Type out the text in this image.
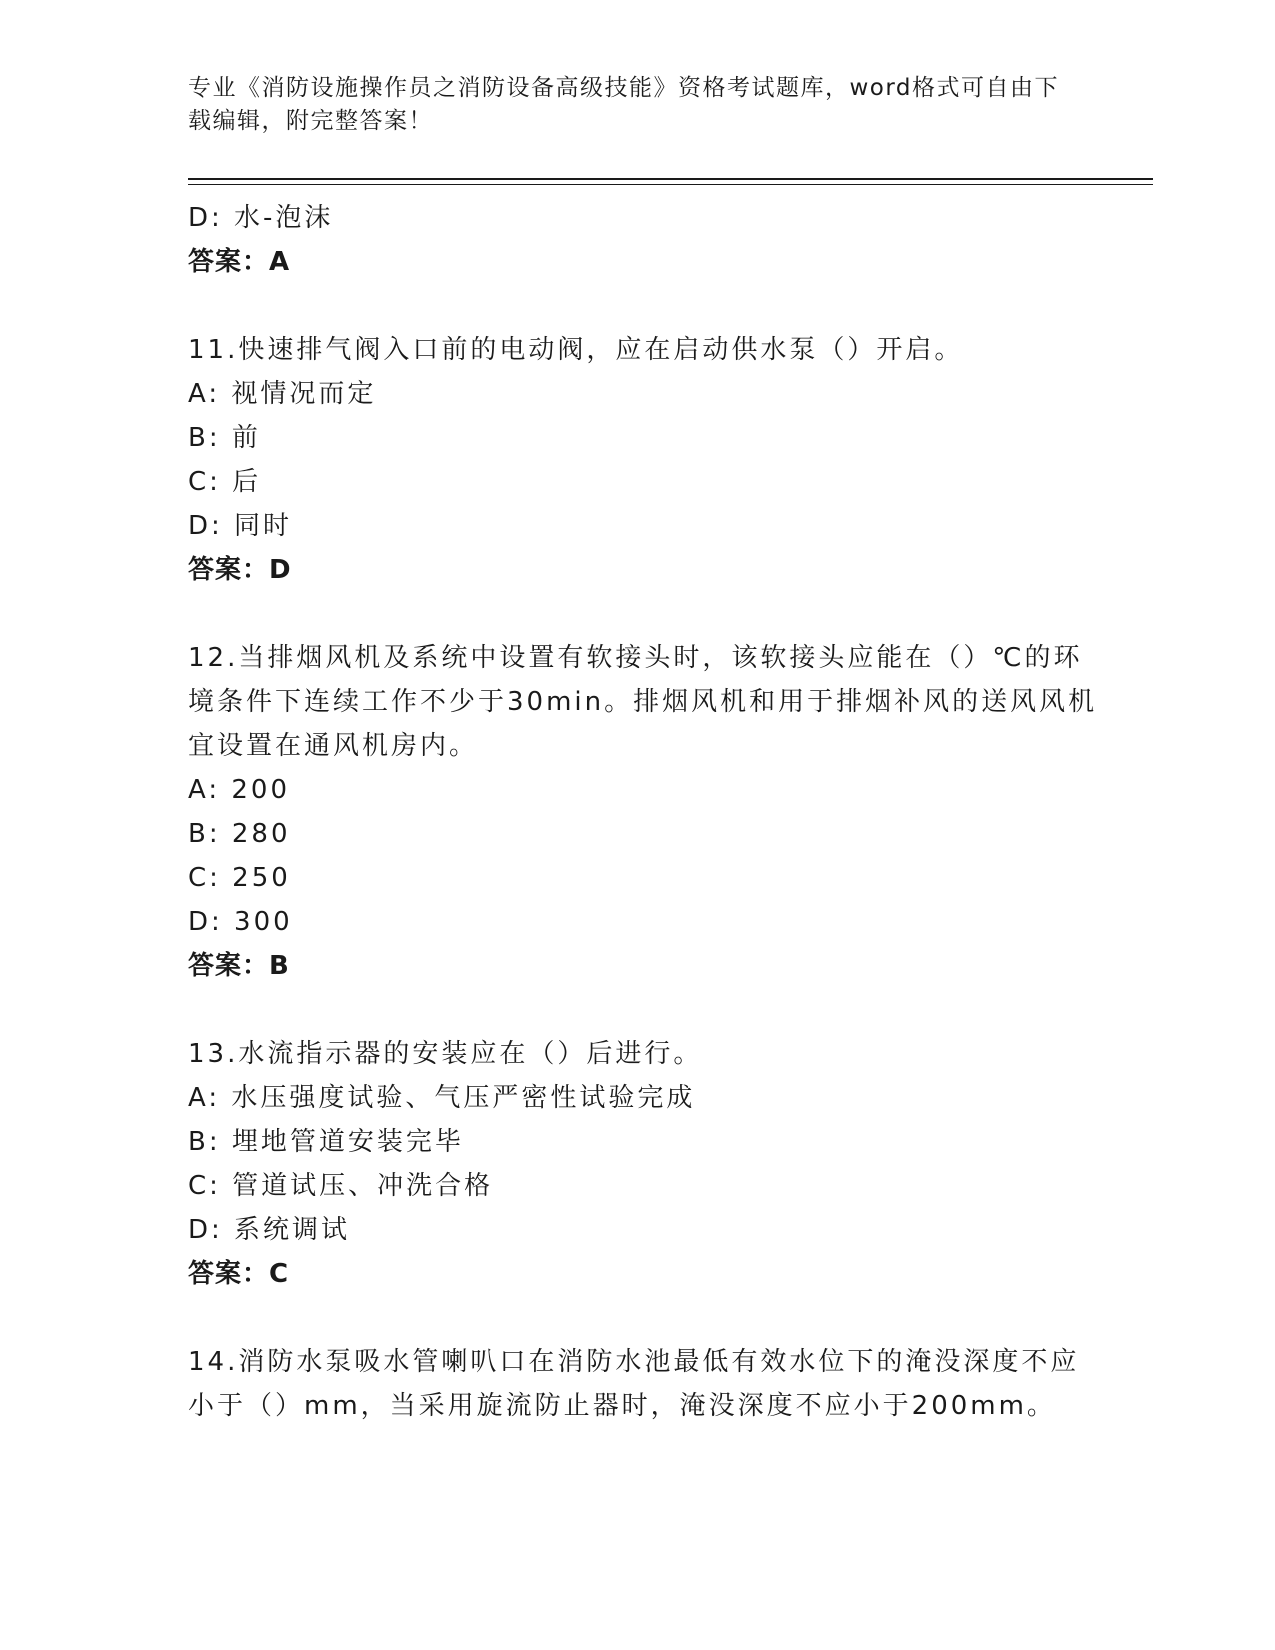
专业《消防设施操作员之消防设备高级技能》资格考试题库，word格式可自由下
载编辑，附完整答案！
D: 水-泡沫
答案：A
11.快速排气阀入口前的电动阀，应在启动供水泵（）开启。
A: 视情况而定
B: 前
C: 后
D: 同时
答案：D
12.当排烟风机及系统中设置有软接头时，该软接头应能在（）℃的环
境条件下连续工作不少于30min。排烟风机和用于排烟补风的送风风机
宜设置在通风机房内。
A: 200
B: 280
C: 250
D: 300
答案：B
13.水流指示器的安装应在（）后进行。
A: 水压强度试验、气压严密性试验完成
B: 埋地管道安装完毕
C: 管道试压、冲洗合格
D: 系统调试
答案：C
14.消防水泵吸水管喇叭口在消防水池最低有效水位下的淹没深度不应
小于（）mm，当采用旋流防止器时，淹没深度不应小于200mm。
